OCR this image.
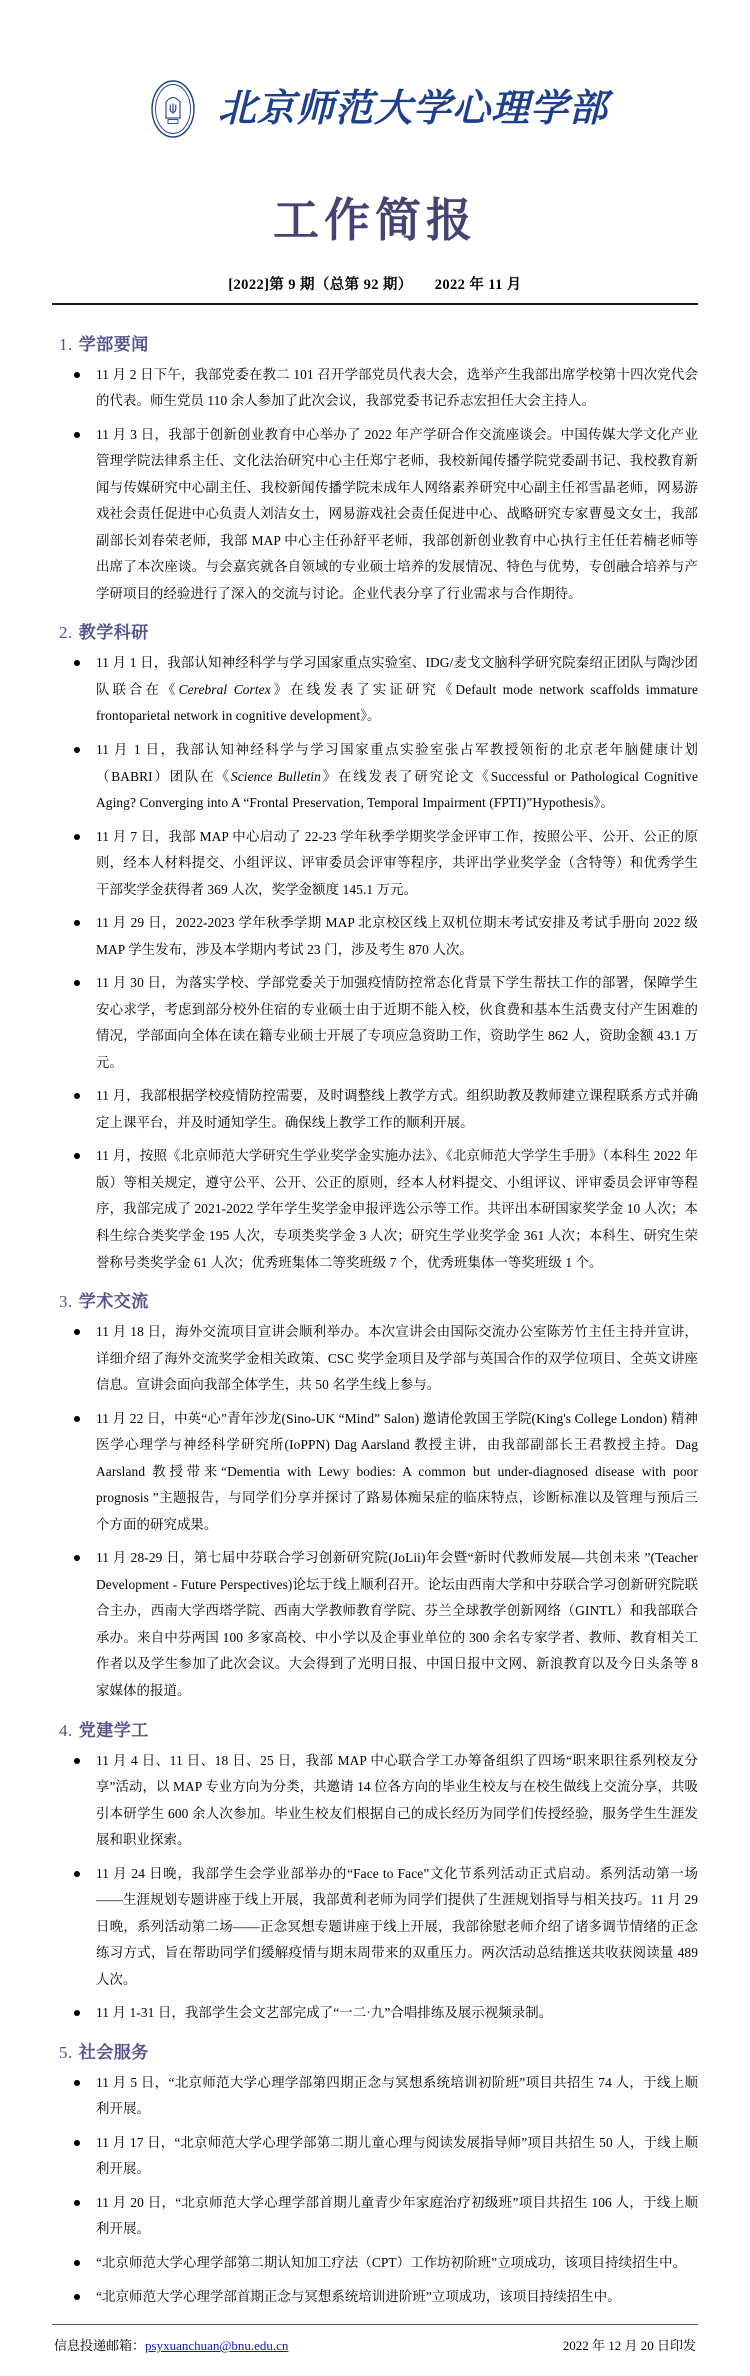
北京师范大学心理学部
工作简报
[2022]第 9 期（总第 92 期） 2022 年 11 月
1. 学部要闻
11 月 2 日下午，我部党委在教二 101 召开学部党员代表大会，选举产生我部出席学校第十四次党代会的代表。师生党员 110 余人参加了此次会议，我部党委书记乔志宏担任大会主持人。
11 月 3 日，我部于创新创业教育中心举办了 2022 年产学研合作交流座谈会。中国传媒大学文化产业管理学院法律系主任、文化法治研究中心主任郑宁老师，我校新闻传播学院党委副书记、我校教育新闻与传媒研究中心副主任、我校新闻传播学院未成年人网络素养研究中心副主任祁雪晶老师，网易游戏社会责任促进中心负责人刘洁女士，网易游戏社会责任促进中心、战略研究专家曹曼文女士，我部副部长刘春荣老师，我部 MAP 中心主任孙舒平老师，我部创新创业教育中心执行主任任若楠老师等出席了本次座谈。与会嘉宾就各自领域的专业硕士培养的发展情况、特色与优势，专创融合培养与产学研项目的经验进行了深入的交流与讨论。企业代表分享了行业需求与合作期待。
2. 教学科研
11 月 1 日，我部认知神经科学与学习国家重点实验室、IDG/麦戈文脑科学研究院秦绍正团队与陶沙团队联合在《Cerebral Cortex》在线发表了实证研究《Default mode network scaffolds immature frontoparietal network in cognitive development》。
11 月 1 日，我部认知神经科学与学习国家重点实验室张占军教授领衔的北京老年脑健康计划（BABRI）团队在《Science Bulletin》在线发表了研究论文《Successful or Pathological Cognitive Aging? Converging into A “Frontal Preservation, Temporal Impairment (FPTI)”Hypothesis》。
11 月 7 日，我部 MAP 中心启动了 22-23 学年秋季学期奖学金评审工作，按照公平、公开、公正的原则，经本人材料提交、小组评议、评审委员会评审等程序，共评出学业奖学金（含特等）和优秀学生干部奖学金获得者 369 人次，奖学金额度 145.1 万元。
11 月 29 日，2022-2023 学年秋季学期 MAP 北京校区线上双机位期末考试安排及考试手册向 2022 级 MAP 学生发布，涉及本学期内考试 23 门，涉及考生 870 人次。
11 月 30 日，为落实学校、学部党委关于加强疫情防控常态化背景下学生帮扶工作的部署，保障学生安心求学，考虑到部分校外住宿的专业硕士由于近期不能入校，伙食费和基本生活费支付产生困难的情况，学部面向全体在读在籍专业硕士开展了专项应急资助工作，资助学生 862 人，资助金额 43.1 万元。
11 月，我部根据学校疫情防控需要，及时调整线上教学方式。组织助教及教师建立课程联系方式并确定上课平台，并及时通知学生。确保线上教学工作的顺利开展。
11 月，按照《北京师范大学研究生学业奖学金实施办法》、《北京师范大学学生手册》（本科生 2022 年版）等相关规定，遵守公平、公开、公正的原则，经本人材料提交、小组评议、评审委员会评审等程序，我部完成了 2021-2022 学年学生奖学金申报评选公示等工作。共评出本研国家奖学金 10 人次；本科生综合类奖学金 195 人次，专项类奖学金 3 人次；研究生学业奖学金 361 人次；本科生、研究生荣誉称号类奖学金 61 人次；优秀班集体二等奖班级 7 个，优秀班集体一等奖班级 1 个。
3. 学术交流
11 月 18 日，海外交流项目宣讲会顺利举办。本次宣讲会由国际交流办公室陈芳竹主任主持并宣讲，详细介绍了海外交流奖学金相关政策、CSC 奖学金项目及学部与英国合作的双学位项目、全英文讲座信息。宣讲会面向我部全体学生，共 50 名学生线上参与。
11 月 22 日，中英“心”青年沙龙(Sino-UK “Mind” Salon) 邀请伦敦国王学院(King's College London) 精神医学心理学与神经科学研究所(IoPPN) Dag Aarsland 教授主讲，由我部副部长王君教授主持。Dag Aarsland 教授带来“Dementia with Lewy bodies: A common but under-diagnosed disease with poor prognosis ”主题报告，与同学们分享并探讨了路易体痴呆症的临床特点，诊断标准以及管理与预后三个方面的研究成果。
11 月 28-29 日，第七届中芬联合学习创新研究院(JoLii)年会暨“新时代教师发展—共创未来 ”(Teacher Development - Future Perspectives)论坛于线上顺利召开。论坛由西南大学和中芬联合学习创新研究院联合主办，西南大学西塔学院、西南大学教师教育学院、芬兰全球教学创新网络（GINTL）和我部联合承办。来自中芬两国 100 多家高校、中小学以及企事业单位的 300 余名专家学者、教师、教育相关工作者以及学生参加了此次会议。大会得到了光明日报、中国日报中文网、新浪教育以及今日头条等 8 家媒体的报道。
4. 党建学工
11 月 4 日、11 日、18 日、25 日，我部 MAP 中心联合学工办筹备组织了四场“职来职往系列校友分享”活动，以 MAP 专业方向为分类，共邀请 14 位各方向的毕业生校友与在校生做线上交流分享，共吸引本研学生 600 余人次参加。毕业生校友们根据自己的成长经历为同学们传授经验，服务学生生涯发展和职业探索。
11 月 24 日晚，我部学生会学业部举办的“Face to Face”文化节系列活动正式启动。系列活动第一场——生涯规划专题讲座于线上开展，我部黄利老师为同学们提供了生涯规划指导与相关技巧。11 月 29 日晚，系列活动第二场——正念冥想专题讲座于线上开展，我部徐慰老师介绍了诸多调节情绪的正念练习方式，旨在帮助同学们缓解疫情与期末周带来的双重压力。两次活动总结推送共收获阅读量 489 人次。
11 月 1-31 日，我部学生会文艺部完成了“一二·九”合唱排练及展示视频录制。
5. 社会服务
11 月 5 日，“北京师范大学心理学部第四期正念与冥想系统培训初阶班”项目共招生 74 人，于线上顺利开展。
11 月 17 日，“北京师范大学心理学部第二期儿童心理与阅读发展指导师”项目共招生 50 人，于线上顺利开展。
11 月 20 日，“北京师范大学心理学部首期儿童青少年家庭治疗初级班”项目共招生 106 人，于线上顺利开展。
“北京师范大学心理学部第二期认知加工疗法（CPT）工作坊初阶班”立项成功，该项目持续招生中。
“北京师范大学心理学部首期正念与冥想系统培训进阶班”立项成功，该项目持续招生中。
信息投递邮箱：psyxuanchuan@bnu.edu.cn	2022 年 12 月 20 日印发
